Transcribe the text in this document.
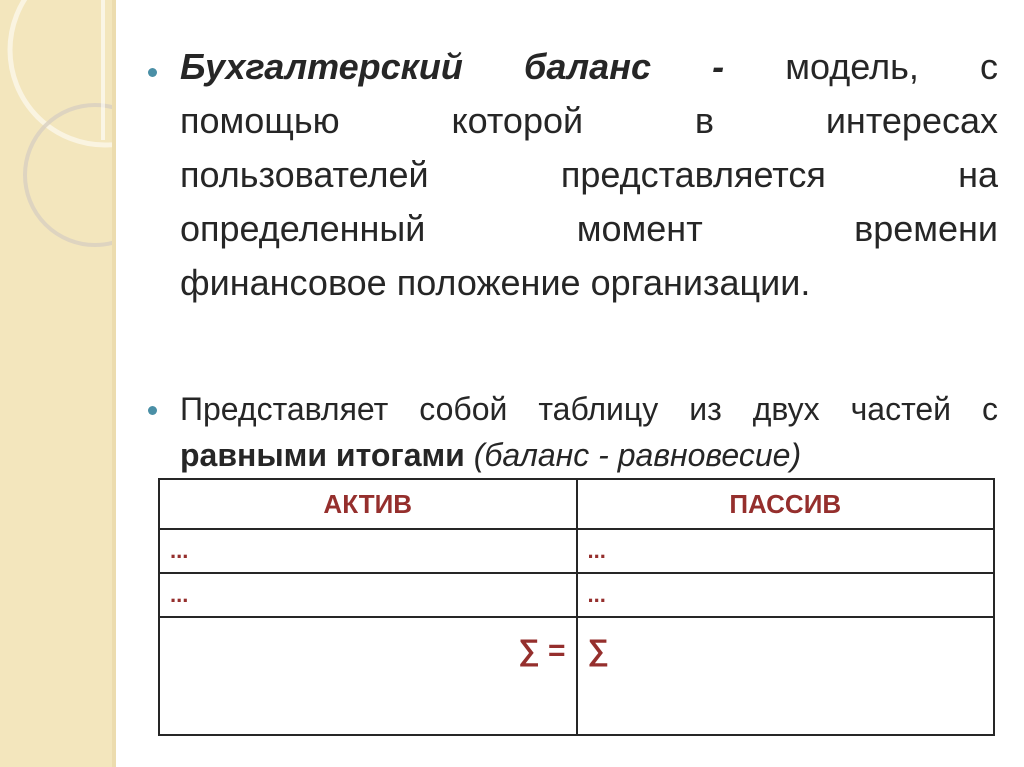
Бухгалтерский баланс - модель, с
помощью которой в интересах
пользователей представляется на
определенный момент времени
финансовое положение организации.
Представляет собой таблицу из двух частей с
равными итогами (баланс - равновесие)
АКТИВ	ПАССИВ
...	...
...	...
∑ =	∑
